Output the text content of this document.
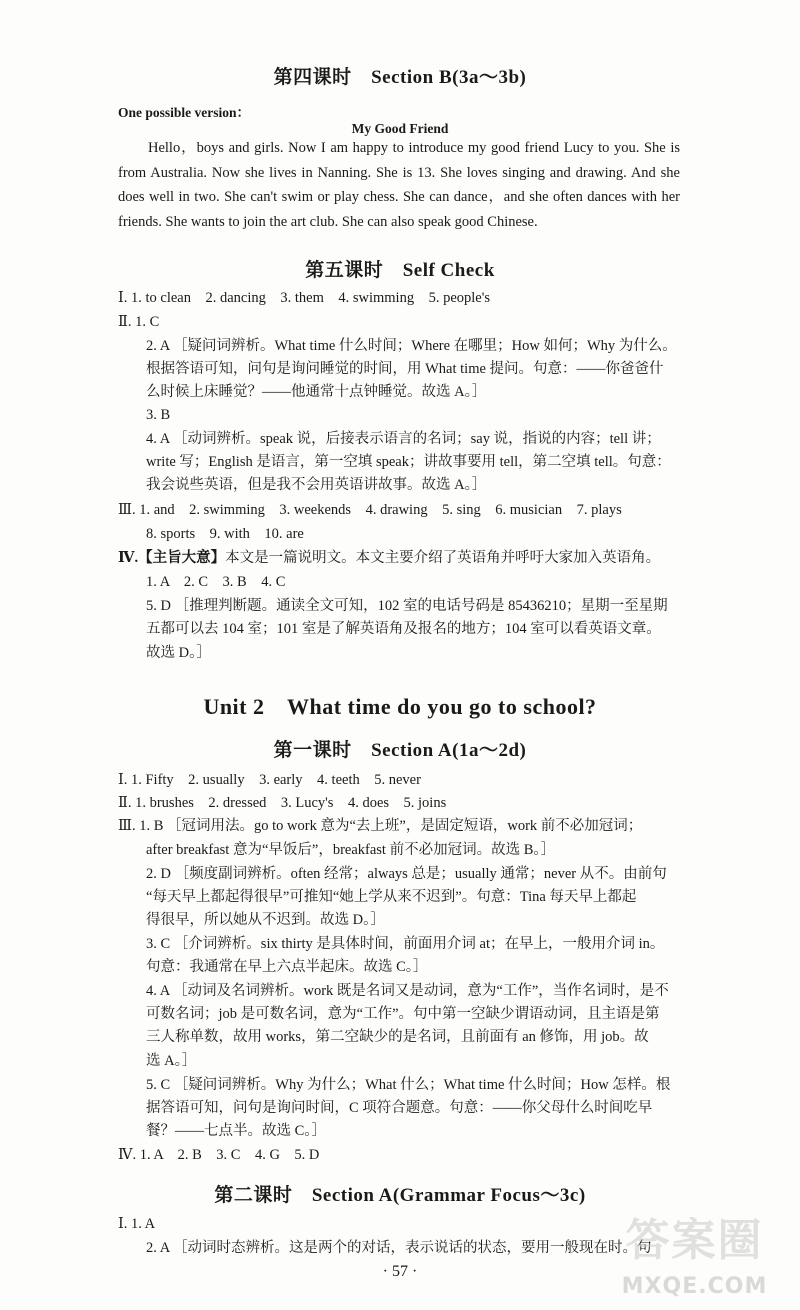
第四课时　Section B(3a～3b)
One possible version：
My Good Friend
Hello，boys and girls. Now I am happy to introduce my good friend Lucy to you. She is from Australia. Now she lives in Nanning. She is 13. She loves singing and drawing. And she does well in two. She can't swim or play chess. She can dance，and she often dances with her friends. She wants to join the art club. She can also speak good Chinese.
第五课时　Self Check
Ⅰ. 1. to clean　2. dancing　3. them　4. swimming　5. people's
Ⅱ. 1. C
2. A ［疑问词辨析。What time 什么时间；Where 在哪里；How 如何；Why 为什么。
根据答语可知，问句是询问睡觉的时间，用 What time 提问。句意：——你爸爸什
么时候上床睡觉？——他通常十点钟睡觉。故选 A。］
3. B
4. A ［动词辨析。speak 说，后接表示语言的名词；say 说，指说的内容；tell 讲；
write 写；English 是语言，第一空填 speak；讲故事要用 tell，第二空填 tell。句意：
我会说些英语，但是我不会用英语讲故事。故选 A。］
Ⅲ. 1. and　2. swimming　3. weekends　4. drawing　5. sing　6. musician　7. plays
8. sports　9. with　10. are
Ⅳ.【主旨大意】本文是一篇说明文。本文主要介绍了英语角并呼吁大家加入英语角。
1. A　2. C　3. B　4. C
5. D ［推理判断题。通读全文可知，102 室的电话号码是 85436210；星期一至星期
五都可以去 104 室；101 室是了解英语角及报名的地方；104 室可以看英语文章。
故选 D。］
Unit 2　What time do you go to school?
第一课时　Section A(1a～2d)
Ⅰ. 1. Fifty　2. usually　3. early　4. teeth　5. never
Ⅱ. 1. brushes　2. dressed　3. Lucy's　4. does　5. joins
Ⅲ. 1. B ［冠词用法。go to work 意为“去上班”，是固定短语，work 前不必加冠词；
after breakfast 意为“早饭后”，breakfast 前不必加冠词。故选 B。］
2. D ［频度副词辨析。often 经常；always 总是；usually 通常；never 从不。由前句
“每天早上都起得很早”可推知“她上学从来不迟到”。句意：Tina 每天早上都起
得很早，所以她从不迟到。故选 D。］
3. C ［介词辨析。six thirty 是具体时间，前面用介词 at；在早上，一般用介词 in。
句意：我通常在早上六点半起床。故选 C。］
4. A ［动词及名词辨析。work 既是名词又是动词，意为“工作”，当作名词时，是不
可数名词；job 是可数名词，意为“工作”。句中第一空缺少谓语动词，且主语是第
三人称单数，故用 works，第二空缺少的是名词，且前面有 an 修饰，用 job。故
选 A。］
5. C ［疑问词辨析。Why 为什么；What 什么；What time 什么时间；How 怎样。根
据答语可知，问句是询问时间，C 项符合题意。句意：——你父母什么时间吃早
餐？——七点半。故选 C。］
Ⅳ. 1. A　2. B　3. C　4. G　5. D
第二课时　Section A(Grammar Focus～3c)
Ⅰ. 1. A
2. A ［动词时态辨析。这是两个的对话，表示说话的状态，要用一般现在时。句
· 57 ·
答案圈
MXQE.COM
